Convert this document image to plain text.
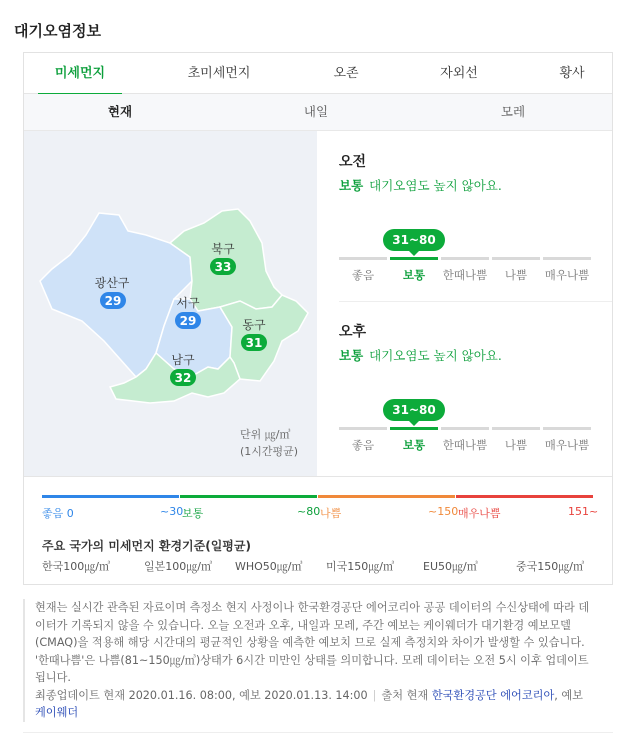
대기오염정보
미세먼지	초미세먼지	오존	자외선	황사
현재	내일	모레
광산구
29
북구
33
서구
29	동구
31
남구
32
단위 ㎍/㎥
(1시간평균)
오전
보통 대기오염도 높지 않아요.
31~80
좋음	보통	한때나쁨	나쁨	매우나쁨
오후
보통 대기오염도 높지 않아요.
31~80
좋음	보통	한때나쁨	나쁨	매우나쁨
좋음 0	~30
보통	~80 나쁨	~150 매우나쁨	151~
주요 국가의 미세먼지 환경기준(일평균)
한국100㎍/㎥	일본100㎍/㎥ WHO50㎍/㎥ 미국150㎍/㎥	EU50㎍/㎥	중국150㎍/㎥
현재는 실시간 관측된 자료이며 측정소 현지 사정이나 한국환경공단 에어코리아 공공 데이터의 수신상태에 따라 데이터가 기록되지 않을 수 있습니다. 오늘 오전과 오후, 내일과 모레, 주간 예보는 케이웨더가 대기환경 예보모델(CMAQ)을 적용해 해당 시간대의 평균적인 상황을 예측한 예보치 므로 실제 측정치와 차이가 발생할 수 있습니다. '한때나쁨'은 나쁨(81~150㎍/㎥)상태가 6시간 미만인 상태를 의미합니다. 모레 데이터는 오전 5시 이후 업데이트 됩니다.
최종업데이트 현재 2020.01.16. 08:00, 예보 2020.01.13. 14:00 | 출처 현재 한국환경공단 에어코리아, 예보 케이웨더
